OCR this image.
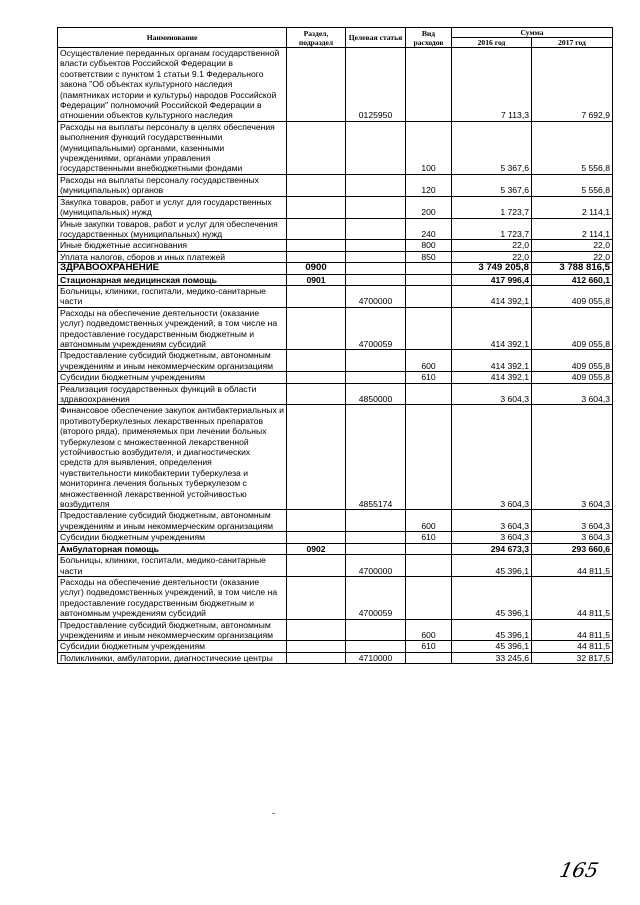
Наименование	Раздел, подраздел	Целевая статья	Вид расходов	Сумма	
				2016 год	2017 год
Осуществление переданных органам государственной власти субъектов Российской Федерации в соответствии с пунктом 1 статьи 9.1 Федерального закона "Об объектах культурного наследия (памятниках истории и культуры) народов Российской Федерации" полномочий Российской Федерации в отношении объектов культурного наследия		0125950		7 113,3	7 692,9
Расходы на выплаты персоналу в целях обеспечения выполнения функций государственными (муниципальными) органами, казенными учреждениями, органами управления государственными внебюджетными фондами			100	5 367,6	5 556,8
Расходы на выплаты персоналу государственных (муниципальных) органов			120	5 367,6	5 556,8
Закупка товаров, работ и услуг для государственных (муниципальных) нужд			200	1 723,7	2 114,1
Иные закупки товаров, работ и услуг для обеспечения государственных (муниципальных) нужд			240	1 723,7	2 114,1
Иные бюджетные ассигнования			800	22,0	22,0
Уплата налогов, сборов и иных платежей			850	22,0	22,0
ЗДРАВООХРАНЕНИЕ	0900			3 749 205,8	3 788 816,5
Стационарная медицинская помощь	0901			417 996,4	412 660,1
Больницы, клиники, госпитали, медико-санитарные части		4700000		414 392,1	409 055,8
Расходы на обеспечение деятельности (оказание услуг) подведомственных учреждений, в том числе на предоставление государственным бюджетным и автономным учреждениям субсидий		4700059		414 392,1	409 055,8
Предоставление субсидий бюджетным, автономным учреждениям и иным некоммерческим организациям			600	414 392,1	409 055,8
Субсидии бюджетным учреждениям			610	414 392,1	409 055,8
Реализация государственных функций в области здравоохранения		4850000		3 604,3	3 604,3
Финансовое обеспечение закупок антибактериальных и противотуберкулезных лекарственных препаратов (второго ряда), применяемых при лечении больных туберкулезом с множественной лекарственной устойчивостью возбудителя, и диагностических средств для выявления, определения чувствительности микобактерии туберкулеза и мониторинга лечения больных туберкулезом с множественной лекарственной устойчивостью возбудителя		4855174		3 604,3	3 604,3
Предоставление субсидий бюджетным, автономным учреждениям и иным некоммерческим организациям			600	3 604,3	3 604,3
Субсидии бюджетным учреждениям			610	3 604,3	3 604,3
Амбулаторная помощь	0902			294 673,3	293 660,6
Больницы, клиники, госпитали, медико-санитарные части		4700000		45 396,1	44 811,5
Расходы на обеспечение деятельности (оказание услуг) подведомственных учреждений, в том числе на предоставление государственным бюджетным и автономным учреждениям субсидий		4700059		45 396,1	44 811,5
Предоставление субсидий бюджетным, автономным учреждениям и иным некоммерческим организациям			600	45 396,1	44 811,5
Субсидии бюджетным учреждениям			610	45 396,1	44 811,5
Поликлиники, амбулатории, диагностические центры		4710000		33 245,6	32 817,5
-
165
